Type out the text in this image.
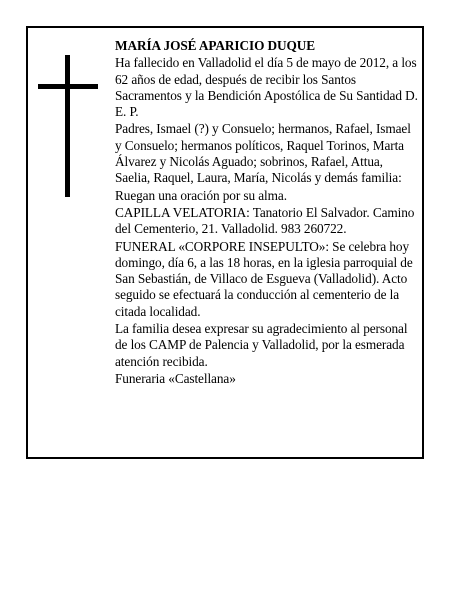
MARÍA JOSÉ APARICIO DUQUE

Ha fallecido en Valladolid el día 5 de mayo de 2012, a los 62 años de edad, después de recibir los Santos Sacramentos y la Bendición Apostólica de Su Santidad D. E. P.

Padres, Ismael (?) y Consuelo; hermanos, Rafael, Ismael y Consuelo; hermanos políticos, Raquel Torinos, Marta Álvarez y Nicolás Aguado; sobrinos, Rafael, Attua, Saelia, Raquel, Laura, María, Nicolás y demás familia:

Ruegan una oración por su alma.

CAPILLA VELATORIA: Tanatorio El Salvador. Camino del Cementerio, 21. Valladolid. 983 260722.

FUNERAL «CORPORE INSEPULTO»: Se celebra hoy domingo, día 6, a las 18 horas, en la iglesia parroquial de San Sebastián, de Villaco de Esgueva (Valladolid). Acto seguido se efectuará la conducción al cementerio de la citada localidad.

La familia desea expresar su agradecimiento al personal de los CAMP de Palencia y Valladolid, por la esmerada atención recibida.

Funeraria «Castellana»
